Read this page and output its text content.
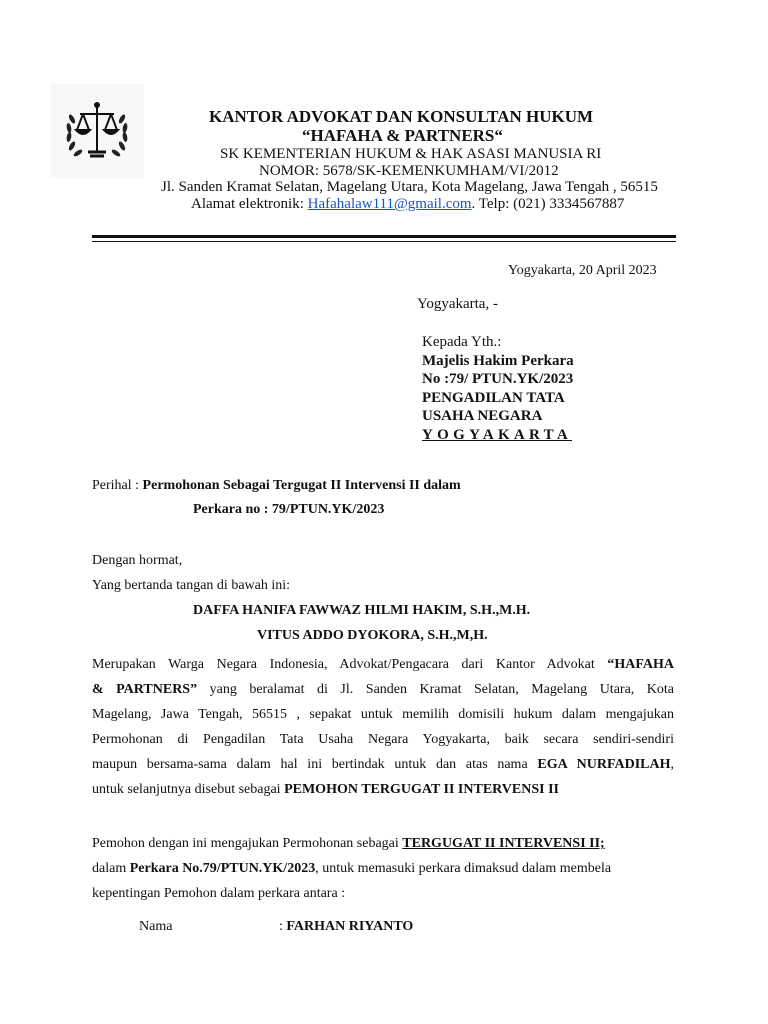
KANTOR ADVOKAT DAN KONSULTAN HUKUM
“HAFAHA & PARTNERS“
SK KEMENTERIAN HUKUM & HAK ASASI MANUSIA RI
NOMOR: 5678/SK-KEMENKUMHAM/VI/2012
Jl. Sanden Kramat Selatan, Magelang Utara, Kota Magelang, Jawa Tengah , 56515
Alamat elektronik: Hafahalaw111@gmail.com. Telp: (021) 3334567887
Yogyakarta, 20 April 2023
Yogyakarta, -
Kepada Yth.:
Majelis Hakim Perkara
No :79/ PTUN.YK/2023
PENGADILAN TATA
USAHA NEGARA
YOGYAKARTA
Perihal : Permohonan Sebagai Tergugat II Intervensi II dalam
Perkara no : 79/PTUN.YK/2023
Dengan hormat,
Yang bertanda tangan di bawah ini:
DAFFA HANIFA FAWWAZ HILMI HAKIM, S.H.,M.H.
VITUS ADDO DYOKORA, S.H.,M,H.
Merupakan Warga Negara Indonesia, Advokat/Pengacara dari Kantor Advokat “HAFAHA
& PARTNERS” yang beralamat di Jl. Sanden Kramat Selatan, Magelang Utara, Kota
Magelang, Jawa Tengah, 56515 , sepakat untuk memilih domisili hukum dalam mengajukan
Permohonan di Pengadilan Tata Usaha Negara Yogyakarta, baik secara sendiri-sendiri
maupun bersama-sama dalam hal ini bertindak untuk dan atas nama EGA NURFADILAH,
untuk selanjutnya disebut sebagai PEMOHON TERGUGAT II INTERVENSI II
Pemohon dengan ini mengajukan Permohonan sebagai TERGUGAT II INTERVENSI II;
dalam Perkara No.79/PTUN.YK/2023, untuk memasuki perkara dimaksud dalam membela
kepentingan Pemohon dalam perkara antara :
Nama	: FARHAN RIYANTO
